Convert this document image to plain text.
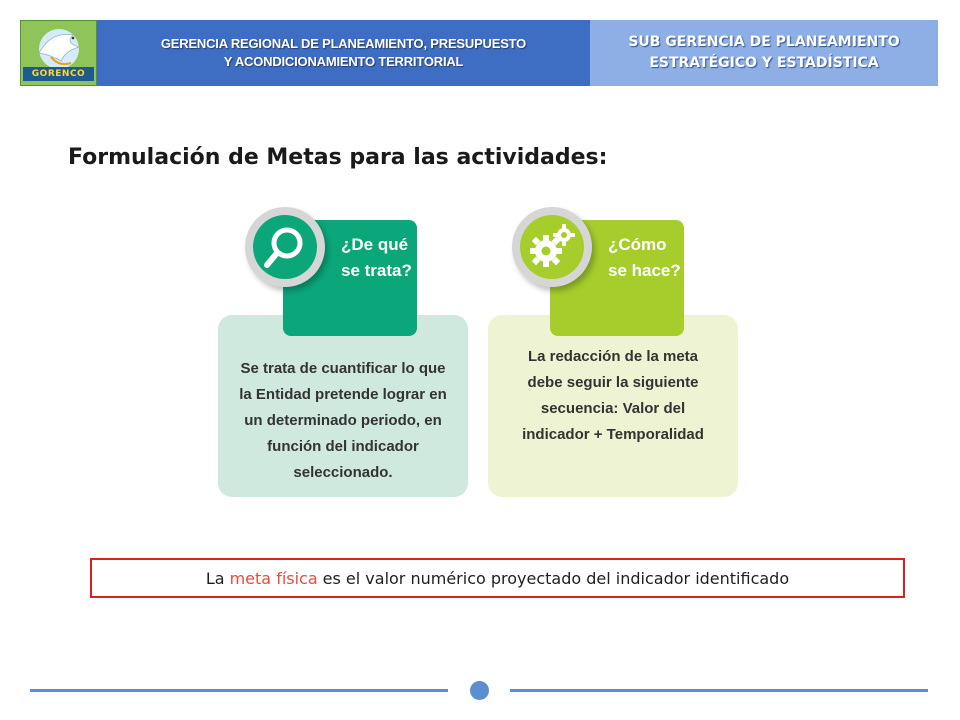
GORENCO
GERENCIA REGIONAL DE PLANEAMIENTO, PRESUPUESTO
Y ACONDICIONAMIENTO TERRITORIAL
SUB GERENCIA DE PLANEAMIENTO
ESTRATÉGICO Y ESTADÍSTICA
Formulación de Metas para las actividades:
Se trata de cuantificar lo que la Entidad pretende lograr en un determinado periodo, en función del indicador seleccionado.
¿De qué
se trata?
La redacción de la meta debe seguir la siguiente secuencia: Valor del indicador + Temporalidad
¿Cómo
se hace?
La meta física es el valor numérico proyectado del indicador identificado
